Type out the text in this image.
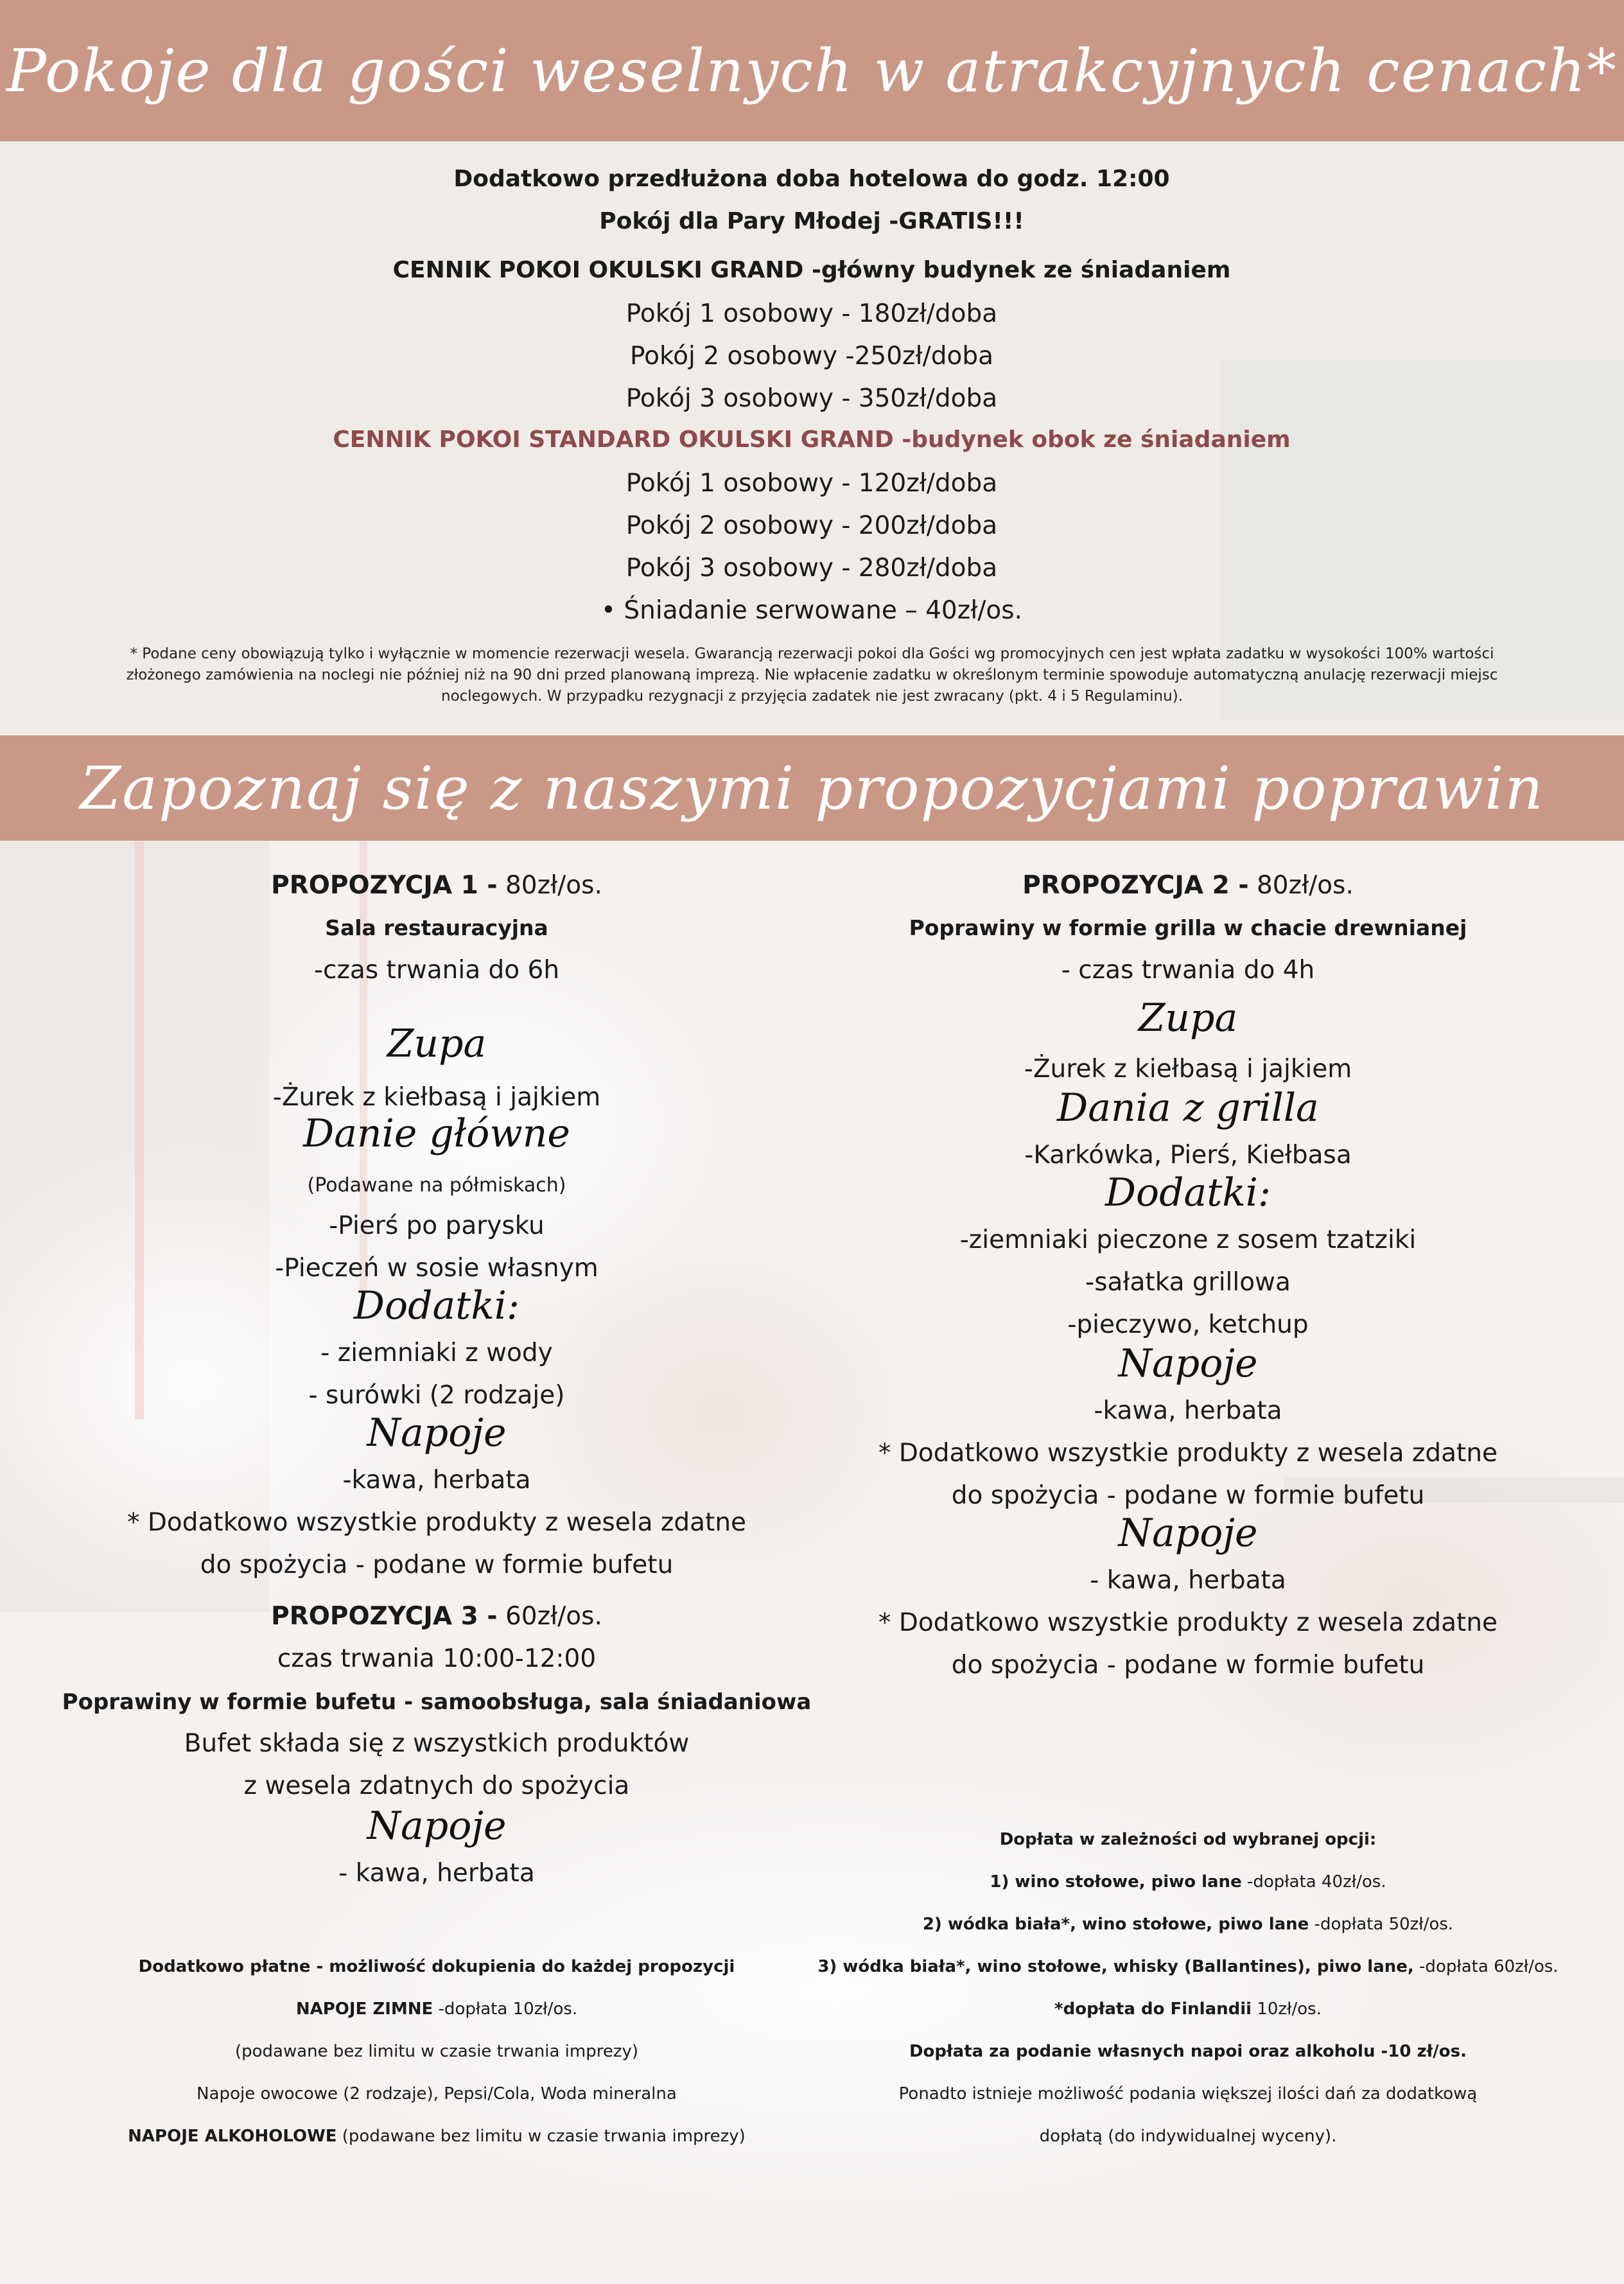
Pokoje dla gości weselnych w atrakcyjnych cenach*
Dodatkowo przedłużona doba hotelowa do godz. 12:00
Pokój dla Pary Młodej -GRATIS!!!
CENNIK POKOI OKULSKI GRAND -główny budynek ze śniadaniem
Pokój 1 osobowy - 180zł/doba
Pokój 2 osobowy -250zł/doba
Pokój 3 osobowy - 350zł/doba
CENNIK POKOI STANDARD OKULSKI GRAND -budynek obok ze śniadaniem
Pokój 1 osobowy - 120zł/doba
Pokój 2 osobowy - 200zł/doba
Pokój 3 osobowy - 280zł/doba
• Śniadanie serwowane – 40zł/os.
* Podane ceny obowiązują tylko i wyłącznie w momencie rezerwacji wesela. Gwarancją rezerwacji pokoi dla Gości wg promocyjnych cen jest wpłata zadatku w wysokości 100% wartości złożonego zamówienia na noclegi nie później niż na 90 dni przed planowaną imprezą. Nie wpłacenie zadatku w określonym terminie spowoduje automatyczną anulację rezerwacji miejsc noclegowych. W przypadku rezygnacji z przyjęcia zadatek nie jest zwracany (pkt. 4 i 5 Regulaminu).
Zapoznaj się z naszymi propozycjami poprawin
PROPOZYCJA 1 - 80zł/os.
Sala restauracyjna
-czas trwania do 6h
Zupa
-Żurek z kiełbasą i jajkiem
Danie główne
(Podawane na półmiskach)
-Pierś po parysku
-Pieczeń w sosie własnym
Dodatki:
- ziemniaki z wody
- surówki (2 rodzaje)
Napoje
-kawa, herbata
* Dodatkowo wszystkie produkty z wesela zdatne
do spożycia - podane w formie bufetu
PROPOZYCJA 3 - 60zł/os.
czas trwania 10:00-12:00
Poprawiny w formie bufetu - samoobsługa, sala śniadaniowa
Bufet składa się z wszystkich produktów
z wesela zdatnych do spożycia
Napoje
- kawa, herbata
PROPOZYCJA 2 - 80zł/os.
Poprawiny w formie grilla w chacie drewnianej
- czas trwania do 4h
Zupa
-Żurek z kiełbasą i jajkiem
Dania z grilla
-Karkówka, Pierś, Kiełbasa
Dodatki:
-ziemniaki pieczone z sosem tzatziki
-sałatka grillowa
-pieczywo, ketchup
Napoje
-kawa, herbata
* Dodatkowo wszystkie produkty z wesela zdatne
do spożycia - podane w formie bufetu
Napoje
- kawa, herbata
* Dodatkowo wszystkie produkty z wesela zdatne
do spożycia - podane w formie bufetu
Dodatkowo płatne - możliwość dokupienia do każdej propozycji
NAPOJE ZIMNE -dopłata 10zł/os.
(podawane bez limitu w czasie trwania imprezy)
Napoje owocowe (2 rodzaje), Pepsi/Cola, Woda mineralna
NAPOJE ALKOHOLOWE (podawane bez limitu w czasie trwania imprezy)
Dopłata w zależności od wybranej opcji:
1) wino stołowe, piwo lane -dopłata 40zł/os.
2) wódka biała*, wino stołowe, piwo lane -dopłata 50zł/os.
3) wódka biała*, wino stołowe, whisky (Ballantines), piwo lane, -dopłata 60zł/os.
*dopłata do Finlandii 10zł/os.
Dopłata za podanie własnych napoi oraz alkoholu -10 zł/os.
Ponadto istnieje możliwość podania większej ilości dań za dodatkową
dopłatą (do indywidualnej wyceny).
